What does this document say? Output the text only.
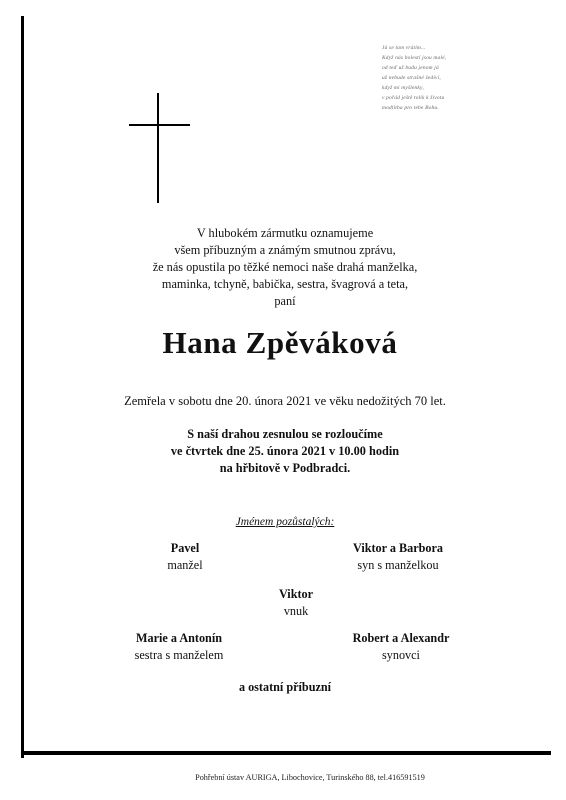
Já se tam vrátím...
Když nás bolestí jsou malé,
od teď už budu jenom já
už nebude strašné šediví,
když mi myšlenky,
v pořád ještě tolik k životu
modlitba pro tebe Bohu.
V hlubokém zármutku oznamujeme
všem příbuzným a známým smutnou zprávu,
že nás opustila po těžké nemoci naše drahá manželka,
maminka, tchyně, babička, sestra, švagrová a teta,
paní
Hana Zpěváková
Zemřela v sobotu dne 20. února 2021 ve věku nedožitých 70 let.
S naší drahou zesnulou se rozloučíme
ve čtvrtek dne 25. února 2021 v 10.00 hodin
na hřbitově v Podbradci.
Jménem pozůstalých:
Pavel
manžel
Viktor a Barbora
syn s manželkou
Viktor
vnuk
Marie a Antonín
sestra s manželem
Robert a Alexandr
synovci
a ostatní příbuzní
Pohřební ústav AURIGA, Libochovice, Turinského 88, tel.416591519
